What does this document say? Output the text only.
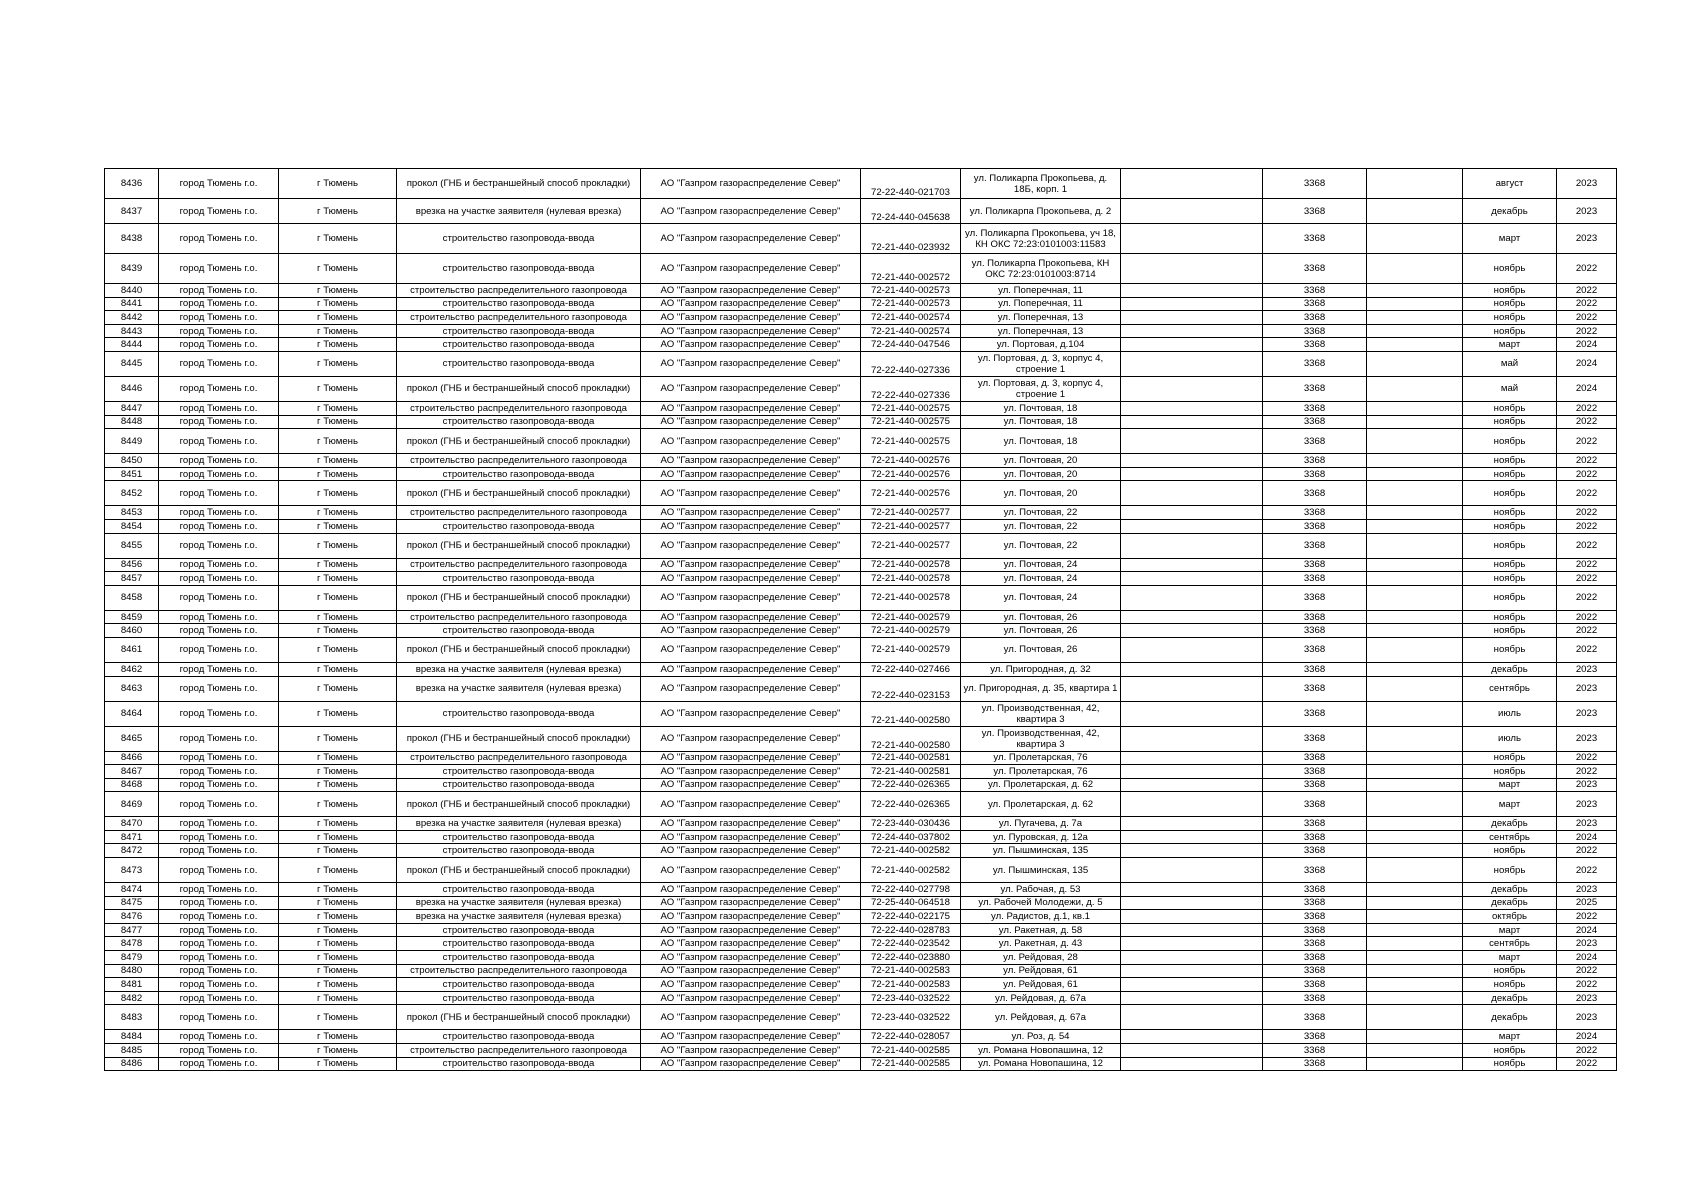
8436	город Тюмень г.о.	г Тюмень	прокол (ГНБ и бестраншейный способ прокладки)	АО "Газпром газораспределение Север"	72-22-440-021703	ул. Поликарпа Прокопьева, д. 18Б, корп. 1		3368		август	2023
8437	город Тюмень г.о.	г Тюмень	врезка на участке заявителя (нулевая врезка)	АО "Газпром газораспределение Север"	72-24-440-045638	ул. Поликарпа Прокопьева, д. 2		3368		декабрь	2023
8438	город Тюмень г.о.	г Тюмень	строительство газопровода-ввода	АО "Газпром газораспределение Север"	72-21-440-023932	ул. Поликарпа Прокопьева, уч 18, КН ОКС 72:23:0101003:11583		3368		март	2023
8439	город Тюмень г.о.	г Тюмень	строительство газопровода-ввода	АО "Газпром газораспределение Север"	72-21-440-002572	ул. Поликарпа Прокопьева, КН ОКС 72:23:0101003:8714		3368		ноябрь	2022
8440	город Тюмень г.о.	г Тюмень	строительство распределительного газопровода	АО "Газпром газораспределение Север"	72-21-440-002573	ул. Поперечная, 11		3368		ноябрь	2022
8441	город Тюмень г.о.	г Тюмень	строительство газопровода-ввода	АО "Газпром газораспределение Север"	72-21-440-002573	ул. Поперечная, 11		3368		ноябрь	2022
8442	город Тюмень г.о.	г Тюмень	строительство распределительного газопровода	АО "Газпром газораспределение Север"	72-21-440-002574	ул. Поперечная, 13		3368		ноябрь	2022
8443	город Тюмень г.о.	г Тюмень	строительство газопровода-ввода	АО "Газпром газораспределение Север"	72-21-440-002574	ул. Поперечная, 13		3368		ноябрь	2022
8444	город Тюмень г.о.	г Тюмень	строительство газопровода-ввода	АО "Газпром газораспределение Север"	72-24-440-047546	ул. Портовая, д.104		3368		март	2024
8445	город Тюмень г.о.	г Тюмень	строительство газопровода-ввода	АО "Газпром газораспределение Север"	72-22-440-027336	ул. Портовая, д. 3, корпус 4, строение 1		3368		май	2024
8446	город Тюмень г.о.	г Тюмень	прокол (ГНБ и бестраншейный способ прокладки)	АО "Газпром газораспределение Север"	72-22-440-027336	ул. Портовая, д. 3, корпус 4, строение 1		3368		май	2024
8447	город Тюмень г.о.	г Тюмень	строительство распределительного газопровода	АО "Газпром газораспределение Север"	72-21-440-002575	ул. Почтовая, 18		3368		ноябрь	2022
8448	город Тюмень г.о.	г Тюмень	строительство газопровода-ввода	АО "Газпром газораспределение Север"	72-21-440-002575	ул. Почтовая, 18		3368		ноябрь	2022
8449	город Тюмень г.о.	г Тюмень	прокол (ГНБ и бестраншейный способ прокладки)	АО "Газпром газораспределение Север"	72-21-440-002575	ул. Почтовая, 18		3368		ноябрь	2022
8450	город Тюмень г.о.	г Тюмень	строительство распределительного газопровода	АО "Газпром газораспределение Север"	72-21-440-002576	ул. Почтовая, 20		3368		ноябрь	2022
8451	город Тюмень г.о.	г Тюмень	строительство газопровода-ввода	АО "Газпром газораспределение Север"	72-21-440-002576	ул. Почтовая, 20		3368		ноябрь	2022
8452	город Тюмень г.о.	г Тюмень	прокол (ГНБ и бестраншейный способ прокладки)	АО "Газпром газораспределение Север"	72-21-440-002576	ул. Почтовая, 20		3368		ноябрь	2022
8453	город Тюмень г.о.	г Тюмень	строительство распределительного газопровода	АО "Газпром газораспределение Север"	72-21-440-002577	ул. Почтовая, 22		3368		ноябрь	2022
8454	город Тюмень г.о.	г Тюмень	строительство газопровода-ввода	АО "Газпром газораспределение Север"	72-21-440-002577	ул. Почтовая, 22		3368		ноябрь	2022
8455	город Тюмень г.о.	г Тюмень	прокол (ГНБ и бестраншейный способ прокладки)	АО "Газпром газораспределение Север"	72-21-440-002577	ул. Почтовая, 22		3368		ноябрь	2022
8456	город Тюмень г.о.	г Тюмень	строительство распределительного газопровода	АО "Газпром газораспределение Север"	72-21-440-002578	ул. Почтовая, 24		3368		ноябрь	2022
8457	город Тюмень г.о.	г Тюмень	строительство газопровода-ввода	АО "Газпром газораспределение Север"	72-21-440-002578	ул. Почтовая, 24		3368		ноябрь	2022
8458	город Тюмень г.о.	г Тюмень	прокол (ГНБ и бестраншейный способ прокладки)	АО "Газпром газораспределение Север"	72-21-440-002578	ул. Почтовая, 24		3368		ноябрь	2022
8459	город Тюмень г.о.	г Тюмень	строительство распределительного газопровода	АО "Газпром газораспределение Север"	72-21-440-002579	ул. Почтовая, 26		3368		ноябрь	2022
8460	город Тюмень г.о.	г Тюмень	строительство газопровода-ввода	АО "Газпром газораспределение Север"	72-21-440-002579	ул. Почтовая, 26		3368		ноябрь	2022
8461	город Тюмень г.о.	г Тюмень	прокол (ГНБ и бестраншейный способ прокладки)	АО "Газпром газораспределение Север"	72-21-440-002579	ул. Почтовая, 26		3368		ноябрь	2022
8462	город Тюмень г.о.	г Тюмень	врезка на участке заявителя (нулевая врезка)	АО "Газпром газораспределение Север"	72-22-440-027466	ул. Пригородная, д. 32		3368		декабрь	2023
8463	город Тюмень г.о.	г Тюмень	врезка на участке заявителя (нулевая врезка)	АО "Газпром газораспределение Север"	72-22-440-023153	ул. Пригородная, д. 35, квартира 1		3368		сентябрь	2023
8464	город Тюмень г.о.	г Тюмень	строительство газопровода-ввода	АО "Газпром газораспределение Север"	72-21-440-002580	ул. Производственная, 42, квартира 3		3368		июль	2023
8465	город Тюмень г.о.	г Тюмень	прокол (ГНБ и бестраншейный способ прокладки)	АО "Газпром газораспределение Север"	72-21-440-002580	ул. Производственная, 42, квартира 3		3368		июль	2023
8466	город Тюмень г.о.	г Тюмень	строительство распределительного газопровода	АО "Газпром газораспределение Север"	72-21-440-002581	ул. Пролетарская, 76		3368		ноябрь	2022
8467	город Тюмень г.о.	г Тюмень	строительство газопровода-ввода	АО "Газпром газораспределение Север"	72-21-440-002581	ул. Пролетарская, 76		3368		ноябрь	2022
8468	город Тюмень г.о.	г Тюмень	строительство газопровода-ввода	АО "Газпром газораспределение Север"	72-22-440-026365	ул. Пролетарская, д. 62		3368		март	2023
8469	город Тюмень г.о.	г Тюмень	прокол (ГНБ и бестраншейный способ прокладки)	АО "Газпром газораспределение Север"	72-22-440-026365	ул. Пролетарская, д. 62		3368		март	2023
8470	город Тюмень г.о.	г Тюмень	врезка на участке заявителя (нулевая врезка)	АО "Газпром газораспределение Север"	72-23-440-030436	ул. Пугачева, д. 7а		3368		декабрь	2023
8471	город Тюмень г.о.	г Тюмень	строительство газопровода-ввода	АО "Газпром газораспределение Север"	72-24-440-037802	ул. Пуровская, д. 12а		3368		сентябрь	2024
8472	город Тюмень г.о.	г Тюмень	строительство газопровода-ввода	АО "Газпром газораспределение Север"	72-21-440-002582	ул. Пышминская, 135		3368		ноябрь	2022
8473	город Тюмень г.о.	г Тюмень	прокол (ГНБ и бестраншейный способ прокладки)	АО "Газпром газораспределение Север"	72-21-440-002582	ул. Пышминская, 135		3368		ноябрь	2022
8474	город Тюмень г.о.	г Тюмень	строительство газопровода-ввода	АО "Газпром газораспределение Север"	72-22-440-027798	ул. Рабочая, д. 53		3368		декабрь	2023
8475	город Тюмень г.о.	г Тюмень	врезка на участке заявителя (нулевая врезка)	АО "Газпром газораспределение Север"	72-25-440-064518	ул. Рабочей Молодежи, д. 5		3368		декабрь	2025
8476	город Тюмень г.о.	г Тюмень	врезка на участке заявителя (нулевая врезка)	АО "Газпром газораспределение Север"	72-22-440-022175	ул. Радистов, д.1, кв.1		3368		октябрь	2022
8477	город Тюмень г.о.	г Тюмень	строительство газопровода-ввода	АО "Газпром газораспределение Север"	72-22-440-028783	ул. Ракетная, д. 58		3368		март	2024
8478	город Тюмень г.о.	г Тюмень	строительство газопровода-ввода	АО "Газпром газораспределение Север"	72-22-440-023542	ул. Ракетная, д. 43		3368		сентябрь	2023
8479	город Тюмень г.о.	г Тюмень	строительство газопровода-ввода	АО "Газпром газораспределение Север"	72-22-440-023880	ул. Рейдовая, 28		3368		март	2024
8480	город Тюмень г.о.	г Тюмень	строительство распределительного газопровода	АО "Газпром газораспределение Север"	72-21-440-002583	ул. Рейдовая, 61		3368		ноябрь	2022
8481	город Тюмень г.о.	г Тюмень	строительство газопровода-ввода	АО "Газпром газораспределение Север"	72-21-440-002583	ул. Рейдовая, 61		3368		ноябрь	2022
8482	город Тюмень г.о.	г Тюмень	строительство газопровода-ввода	АО "Газпром газораспределение Север"	72-23-440-032522	ул. Рейдовая, д. 67а		3368		декабрь	2023
8483	город Тюмень г.о.	г Тюмень	прокол (ГНБ и бестраншейный способ прокладки)	АО "Газпром газораспределение Север"	72-23-440-032522	ул. Рейдовая, д. 67а		3368		декабрь	2023
8484	город Тюмень г.о.	г Тюмень	строительство газопровода-ввода	АО "Газпром газораспределение Север"	72-22-440-028057	ул. Роз, д. 54		3368		март	2024
8485	город Тюмень г.о.	г Тюмень	строительство распределительного газопровода	АО "Газпром газораспределение Север"	72-21-440-002585	ул. Романа Новопашина, 12		3368		ноябрь	2022
8486	город Тюмень г.о.	г Тюмень	строительство газопровода-ввода	АО "Газпром газораспределение Север"	72-21-440-002585	ул. Романа Новопашина, 12		3368		ноябрь	2022
